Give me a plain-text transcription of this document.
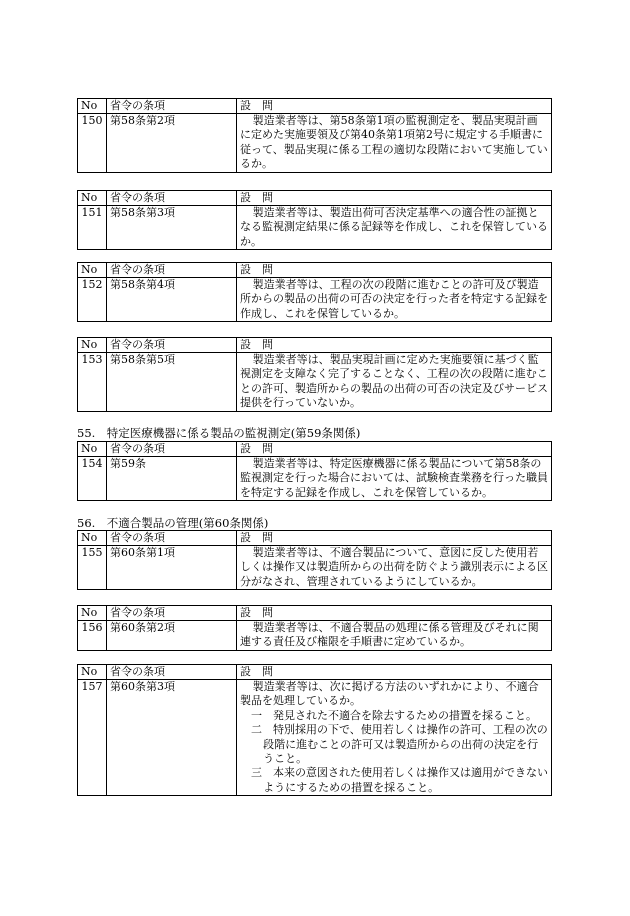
No	省令の条項	設　問
150	第58条第2項	製造業者等は、第58条第1項の監視測定を、製品実現計画に定めた実施要領及び第40条第1項第2号に規定する手順書に従って、製品実現に係る工程の適切な段階において実施しているか。
No	省令の条項	設　問
151	第58条第3項	製造業者等は、製造出荷可否決定基準への適合性の証拠となる監視測定結果に係る記録等を作成し、これを保管しているか。
No	省令の条項	設　問
152	第58条第4項	製造業者等は、工程の次の段階に進むことの許可及び製造所からの製品の出荷の可否の決定を行った者を特定する記録を作成し、これを保管しているか。
No	省令の条項	設　問
153	第58条第5項	製造業者等は、製品実現計画に定めた実施要領に基づく監視測定を支障なく完了することなく、工程の次の段階に進むことの許可、製造所からの製品の出荷の可否の決定及びサービス提供を行っていないか。
55.　特定医療機器に係る製品の監視測定(第59条関係)
No	省令の条項	設　問
154	第59条	製造業者等は、特定医療機器に係る製品について第58条の監視測定を行った場合においては、試験検査業務を行った職員を特定する記録を作成し、これを保管しているか。
56.　不適合製品の管理(第60条関係)
No	省令の条項	設　問
155	第60条第1項	製造業者等は、不適合製品について、意図に反した使用若しくは操作又は製造所からの出荷を防ぐよう識別表示による区分がなされ、管理されているようにしているか。
No	省令の条項	設　問
156	第60条第2項	製造業者等は、不適合製品の処理に係る管理及びそれに関連する責任及び権限を手順書に定めているか。
No	省令の条項	設　問
157	第60条第3項	製造業者等は、次に掲げる方法のいずれかにより、不適合製品を処理しているか。
一　発見された不適合を除去するための措置を採ること。
二　特別採用の下で、使用若しくは操作の許可、工程の次の段階に進むことの許可又は製造所からの出荷の決定を行うこと。
三　本来の意図された使用若しくは操作又は適用ができないようにするための措置を採ること。
